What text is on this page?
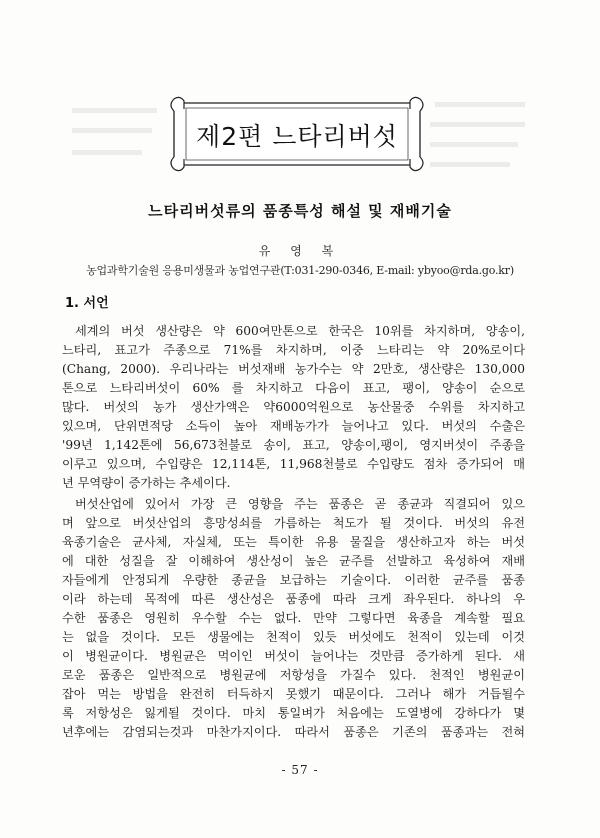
제2편 느타리버섯
느타리버섯류의 품종특성 해설 및 재배기술
유 영 복
농업과학기술원 응용미생물과 농업연구관(T:031-290-0346, E-mail: ybyoo@rda.go.kr)
1. 서언
세계의 버섯 생산량은 약 600여만톤으로 한국은 10위를 차지하며, 양송이,
느타리, 표고가 주종으로 71%를 차지하며, 이중 느타리는 약 20%로이다
(Chang, 2000). 우리나라는 버섯재배 농가수는 약 2만호, 생산량은 130,000
톤으로 느타리버섯이 60% 를 차지하고 다음이 표고, 팽이, 양송이 순으로
많다. 버섯의 농가 생산가액은 약6000억원으로 농산물중 수위를 차지하고
있으며, 단위면적당 소득이 높아 재배농가가 늘어나고 있다. 버섯의 수출은
'99년 1,142톤에 56,673천불로 송이, 표고, 양송이,팽이, 영지버섯이 주종을
이루고 있으며, 수입량은 12,114톤, 11,968천불로 수입량도 점차 증가되어 매
년 무역량이 증가하는 추세이다.
버섯산업에 있어서 가장 큰 영향을 주는 품종은 곧 종균과 직결되어 있으
며 앞으로 버섯산업의 흥망성쇠를 가름하는 척도가 될 것이다. 버섯의 유전
육종기술은 균사체, 자실체, 또는 특이한 유용 물질을 생산하고자 하는 버섯
에 대한 성질을 잘 이해하여 생산성이 높은 균주를 선발하고 육성하여 재배
자들에게 안정되게 우량한 종균을 보급하는 기술이다. 이러한 균주를 품종
이라 하는데 목적에 따른 생산성은 품종에 따라 크게 좌우된다. 하나의 우
수한 품종은 영원히 우수할 수는 없다. 만약 그렇다면 육종을 계속할 필요
는 없을 것이다. 모든 생물에는 천적이 있듯 버섯에도 천적이 있는데 이것
이 병원균이다. 병원균은 먹이인 버섯이 늘어나는 것만큼 증가하게 된다. 새
로운 품종은 일반적으로 병원균에 저항성을 가질수 있다. 천적인 병원균이
잡아 먹는 방법을 완전히 터득하지 못했기 때문이다. 그러나 해가 거듭될수
록 저항성은 잃게될 것이다. 마치 통일벼가 처음에는 도열병에 강하다가 몇
년후에는 감염되는것과 마찬가지이다. 따라서 품종은 기존의 품종과는 전혀
- 57 -
